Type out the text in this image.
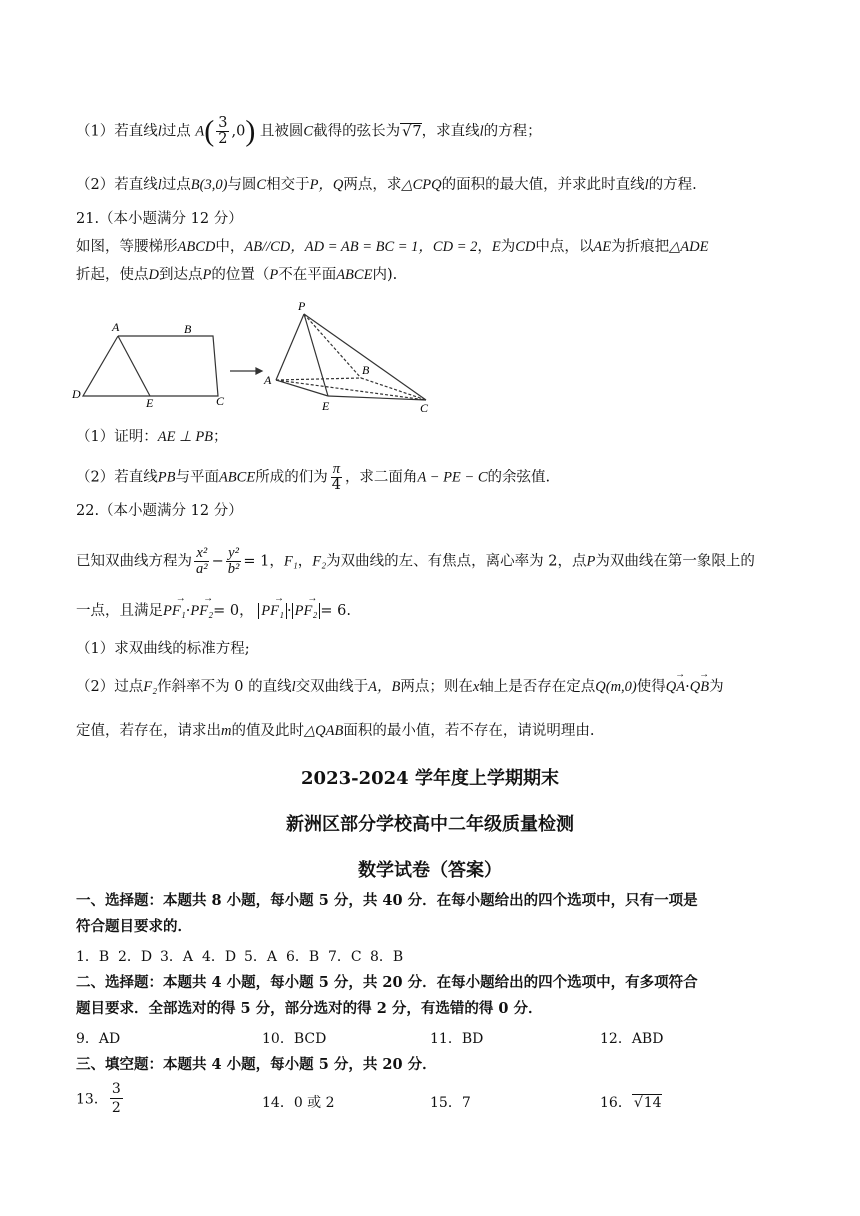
（1）若直线l过点 $A( \frac{3}{2} ,0)$ 且被圆C截得的弦长为 √ 7，求直线l的方程；
（2）若直线l过点B(3,0)与圆C相交于P，Q两点，求△CPQ的面积的最大值，并求此时直线l的方程.
21.（本小题满分 12 分）
如图，等腰梯形ABCD中，AB//CD，AD = AB = BC = 1，CD = 2，E为CD中点，以AE为折痕把△ADE
折起，使点D到达点P的位置（P不在平面ABCE内).
A	B
C
D
E
P
A
B
C
E
（1）证明：AE ⊥ PB；
（2）若直线PB与平面ABCE所成的们为 $\frac{\pi}{4}$ ，求二面角A − PE − C的余弦值.
22.（本小题满分 12 分）
已知双曲线方程为 $\frac{\text{x²}}{\text{a²}} - \frac{\text{y²}}{\text{b²}} = 1$，F₁，F₂为双曲线的左、有焦点，离心率为 2，点P为双曲线在第一象限上的
一点，且满足→ PF₁·→ PF₂= 0， → PF₁ · → PF₂ = 6.
（1）求双曲线的标准方程;
（2）过点F₂作斜率不为 0 的直线l交双曲线于A，B两点；则在x轴上是否存在定点Q(m,0)使得→ QA·→ QB为
定值，若存在，请求出m的值及此时△QAB面积的最小值，若不存在，请说明理由.
2023-2024 学年度上学期期末
新洲区部分学校高中二年级质量检测
数学试卷（答案）
一、选择题：本题共 8 小题，每小题 5 分，共 40 分．在每小题给出的四个选项中，只有一项是
符合题目要求的．
1．B 2．D 3．A 4．D 5．A 6．B 7．C 8．B
二、选择题：本题共 4 小题，每小题 5 分，共 20 分．在每小题给出的四个选项中，有多项符合
题目要求．全部选对的得 5 分，部分选对的得 2 分，有选错的得 0 分．
9．AD	10．BCD	11．BD	12．ABD
三、填空题：本题共 4 小题，每小题 5 分，共 20 分．
13． $\frac{3}{2}$	14．0 或 2	15．7	16． √ 14
